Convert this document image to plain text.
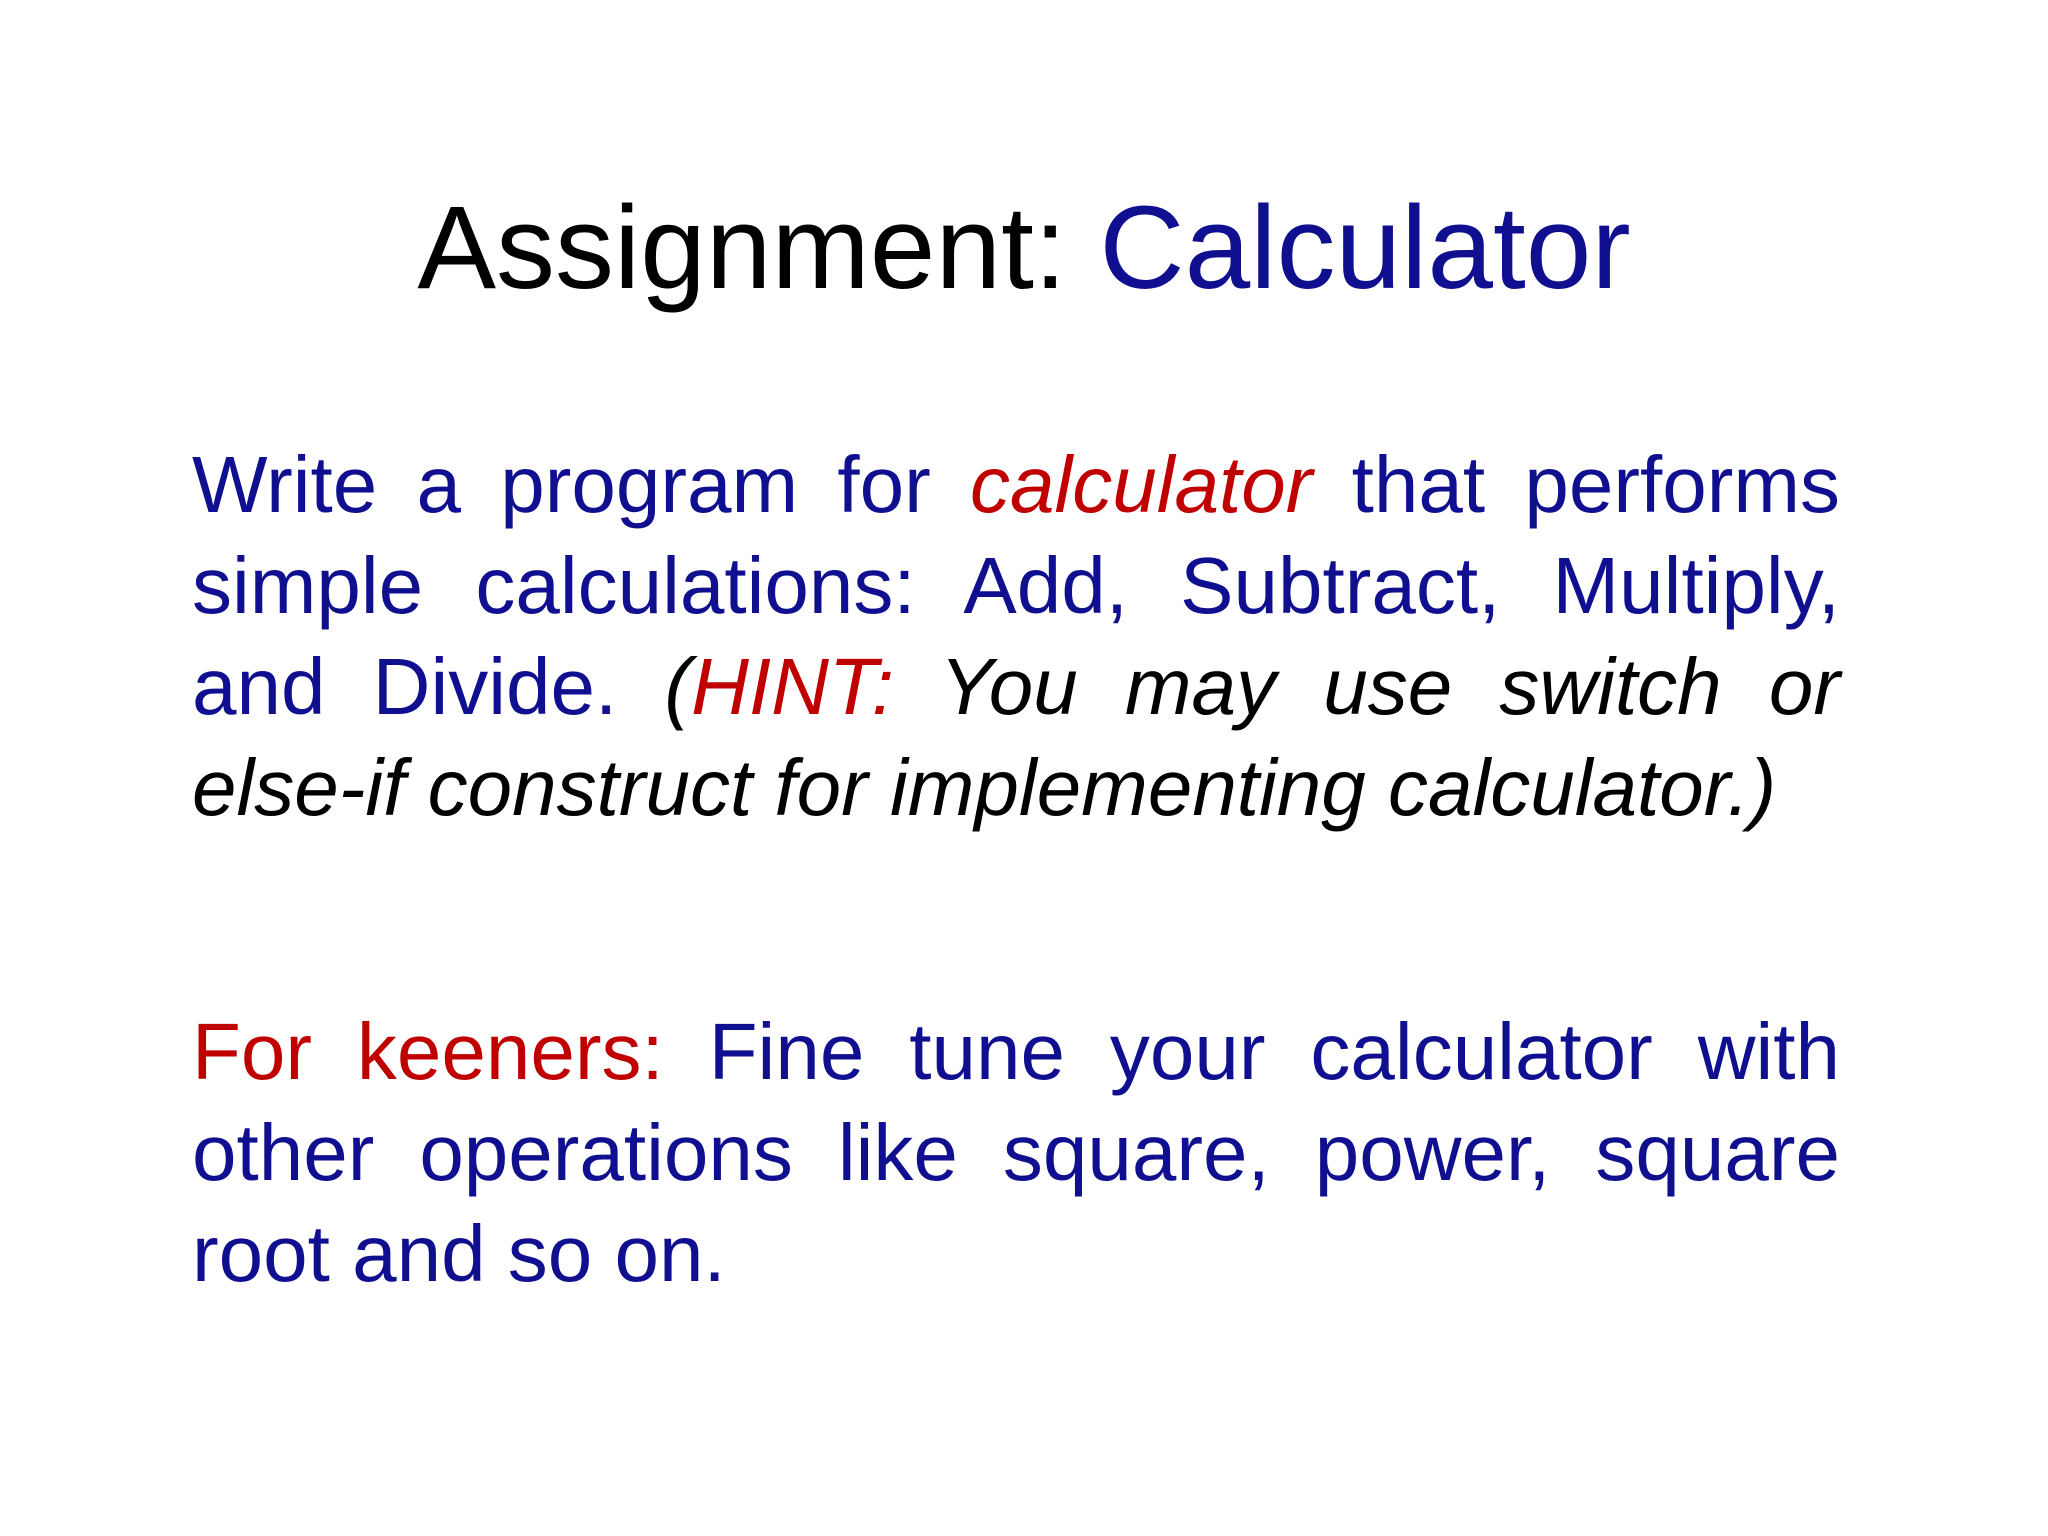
Assignment: Calculator
Write a program for calculator that performs simple calculations: Add, Subtract, Multiply, and Divide. (HINT: You may use switch or else-if construct for implementing calculator.)
For keeners: Fine tune your calculator with other operations like square, power, square root and so on.
